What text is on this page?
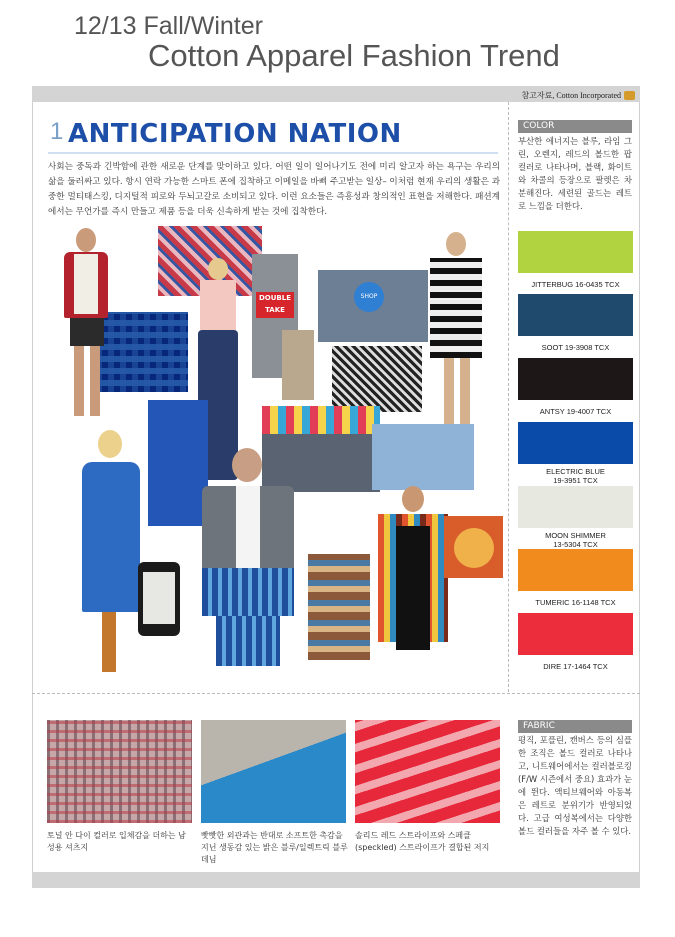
12/13 Fall/Winter
Cotton Apparel Fashion Trend
참고자료, Cotton Incorporated
1 ANTICIPATION NATION
사회는 중독과 긴박함에 관한 새로운 단계를 맞이하고 있다. 어떤 일이 일어나기도 전에 미리 알고자 하는 욕구는 우리의 삶을 둘러싸고 있다. 항시 연락 가능한 스마트 폰에 집착하고 이메일을 바삐 주고받는 일상– 이처럼 현재 우리의 생활은 과중한 멀티태스킹, 디지털적 피로와 두뇌고갈로 소비되고 있다. 이런 요소들은 즉흥성과 창의적인 표현을 저해한다. 패션계에서는 무언가를 즉시 만들고 제품 등을 더욱 신속하게 받는 것에 집착한다.
DOUBLE
TAKE
SHOP
COLOR
부산한 에너지는 블루, 라임 그린, 오렌지, 레드의 볼드한 팝 컬러로 나타나며, 블랙, 화이트와 차콜의 등장으로 팔렛은 차분해진다. 세련된 골드는 레트로 느낌을 더한다.
JITTERBUG 16-0435 TCX
SOOT 19-3908 TCX
ANTSY 19-4007 TCX
ELECTRIC BLUE
19-3951 TCX
MOON SHIMMER
13-5304 TCX
TUMERIC 16-1148 TCX
DIRE 17-1464 TCX
토널 안 다이 컬러로 입체감을 더하는 남성용 셔츠지
빳빳한 외관과는 반대로 소프트한 촉감을 지닌 생동감 있는 밝은 블루/일렉트릭 블루 데님
솔리드 레드 스트라이프와 스페클(speckled) 스트라이프가 결합된 저지
FABRIC
평직, 포플린, 캔버스 등의 심플한 조직은 볼드 컬러로 나타나고, 니트웨어에서는 컬러블로킹(F/W 시즌에서 중요) 효과가 눈에 뛴다. 액티브웨어와 아동복은 레트로 분위기가 반영되었다. 고급 여성복에서는 다양한 볼드 컬러들을 자주 볼 수 있다.
